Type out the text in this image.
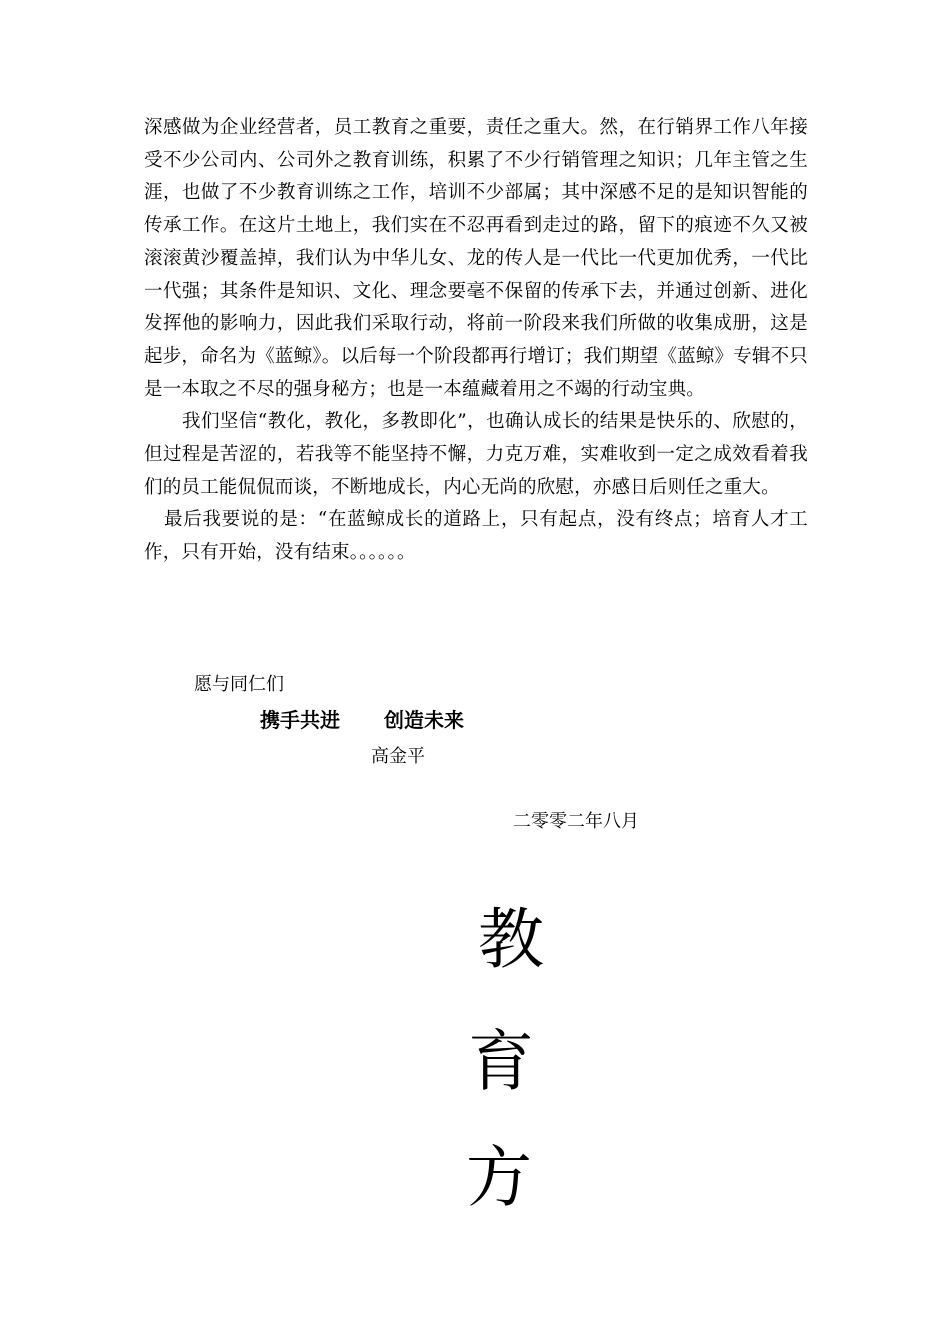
深感做为企业经营者，员工教育之重要，责任之重大。然，在行销界工作八年接受不少公司内、公司外之教育训练，积累了不少行销管理之知识；几年主管之生涯，也做了不少教育训练之工作，培训不少部属；其中深感不足的是知识智能的传承工作。在这片土地上，我们实在不忍再看到走过的路，留下的痕迹不久又被滚滚黄沙覆盖掉，我们认为中华儿女、龙的传人是一代比一代更加优秀，一代比一代强；其条件是知识、文化、理念要毫不保留的传承下去，并通过创新、进化发挥他的影响力，因此我们采取行动，将前一阶段来我们所做的收集成册，这是起步，命名为《蓝鲸》。以后每一个阶段都再行增订；我们期望《蓝鲸》专辑不只是一本取之不尽的强身秘方；也是一本蕴藏着用之不竭的行动宝典。

我们坚信“教化，教化，多教即化”，也确认成长的结果是快乐的、欣慰的，但过程是苦涩的，若我等不能坚持不懈，力克万难，实难收到一定之成效看着我们的员工能侃侃而谈，不断地成长，内心无尚的欣慰，亦感日后则任之重大。

最后我要说的是：“在蓝鲸成长的道路上，只有起点，没有终点；培育人才工作，只有开始，没有结束。。。。。。

愿与同仁们
携手共进 创造未来
高金平
二零零二年八月
教
育
方
